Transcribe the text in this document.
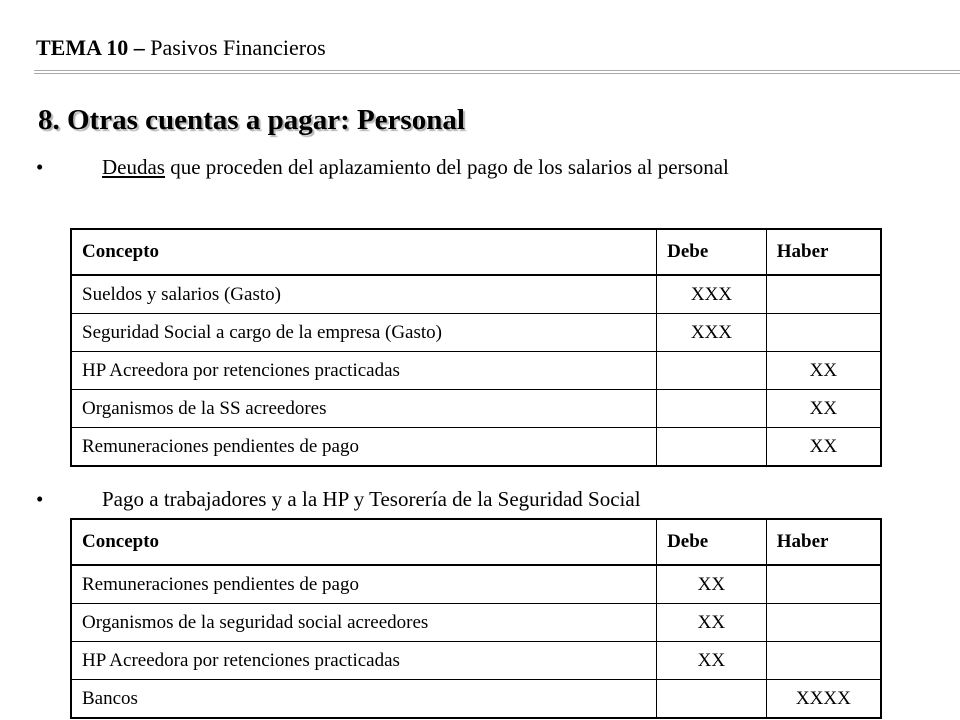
TEMA 10 – Pasivos Financieros
8. Otras cuentas a pagar: Personal
•	Deudas que proceden del aplazamiento del pago de los salarios al personal
Concepto	Debe	Haber
Sueldos y salarios (Gasto)	XXX	
Seguridad Social a cargo de la empresa (Gasto)	XXX	
HP Acreedora por retenciones practicadas		XX
Organismos de la SS acreedores		XX
Remuneraciones pendientes de pago		XX
•	Pago a trabajadores y a la HP y Tesorería de la Seguridad Social
Concepto	Debe	Haber
Remuneraciones pendientes de pago	XX	
Organismos de la seguridad social acreedores	XX	
HP Acreedora por retenciones practicadas	XX	
Bancos		XXXX
